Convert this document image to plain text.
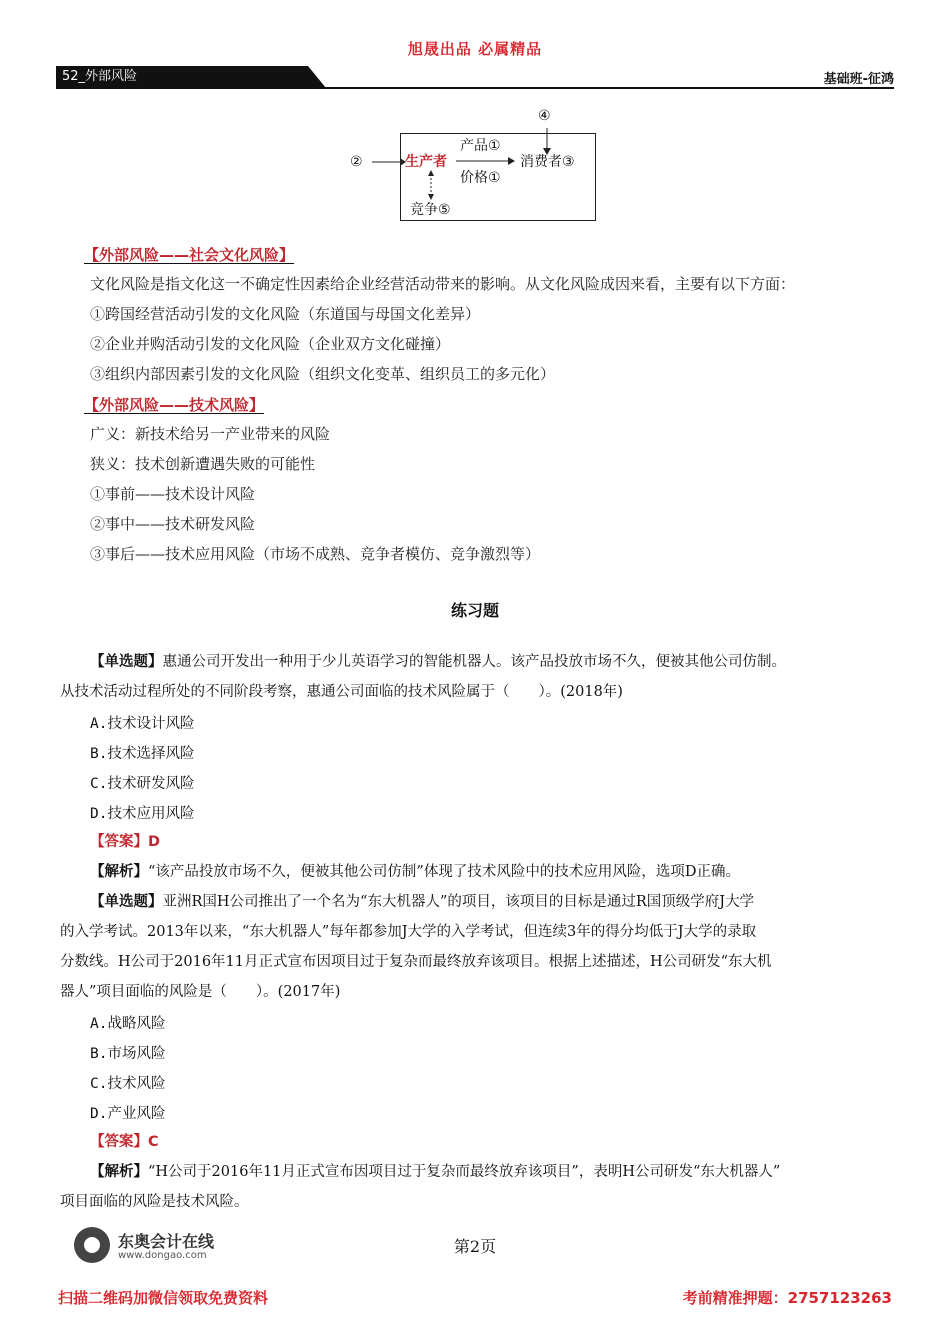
旭晟出品 必属精品
52_外部风险	基础班-征鸿
②	生产者
产品①
价格①
消费者③
④
竞争⑤
【外部风险——社会文化风险】
文化风险是指文化这一不确定性因素给企业经营活动带来的影响。从文化风险成因来看，主要有以下方面：
①跨国经营活动引发的文化风险（东道国与母国文化差异）
②企业并购活动引发的文化风险（企业双方文化碰撞）
③组织内部因素引发的文化风险（组织文化变革、组织员工的多元化）
【外部风险——技术风险】
广义：新技术给另一产业带来的风险
狭义：技术创新遭遇失败的可能性
①事前——技术设计风险
②事中——技术研发风险
③事后——技术应用风险（市场不成熟、竞争者模仿、竞争激烈等）
练习题
【单选题】惠通公司开发出一种用于少儿英语学习的智能机器人。该产品投放市场不久，便被其他公司仿制。
从技术活动过程所处的不同阶段考察，惠通公司面临的技术风险属于（　　）。(2018年)
A.技术设计风险
B.技术选择风险
C.技术研发风险
D.技术应用风险
【答案】D
【解析】“该产品投放市场不久，便被其他公司仿制”体现了技术风险中的技术应用风险，选项D正确。
【单选题】亚洲R国H公司推出了一个名为“东大机器人”的项目，该项目的目标是通过R国顶级学府J大学
的入学考试。2013年以来，“东大机器人”每年都参加J大学的入学考试，但连续3年的得分均低于J大学的录取
分数线。H公司于2016年11月正式宣布因项目过于复杂而最终放弃该项目。根据上述描述，H公司研发“东大机
器人”项目面临的风险是（　　）。(2017年)
A.战略风险
B.市场风险
C.技术风险
D.产业风险
【答案】C
【解析】“H公司于2016年11月正式宣布因项目过于复杂而最终放弃该项目”，表明H公司研发“东大机器人”
项目面临的风险是技术风险。
东奥会计在线
www.dongao.com	第2页
扫描二维码加微信领取免费资料	考前精准押题：2757123263
